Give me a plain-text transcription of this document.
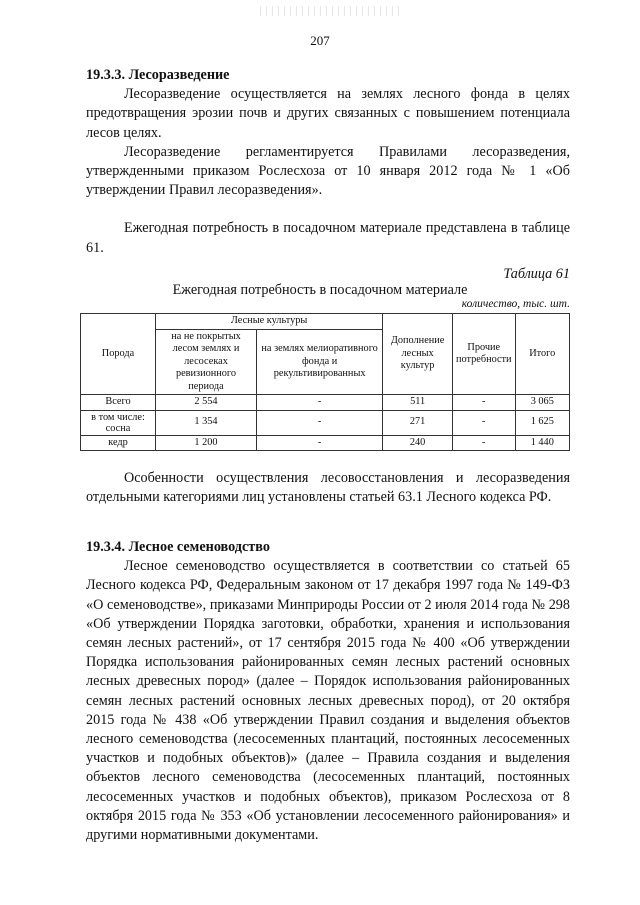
207

19.3.3. Лесоразведение

Лесоразведение осуществляется на землях лесного фонда в целях предотвращения эрозии почв и других связанных с повышением потенциала лесов целях.

Лесоразведение регламентируется Правилами лесоразведения, утвержденными приказом Рослесхоза от 10 января 2012 года № 1 «Об утверждении Правил лесоразведения».

Ежегодная потребность в посадочном материале представлена в таблице 61.

Таблица 61
Ежегодная потребность в посадочном материале
количество, тыс. шт.
Порода	Лесные культуры		Дополнение лесных культур	Прочие потребности	Итого
	на не покрытых лесом землях и лесосеках ревизионного периода	на землях мелиоративного фонда и рекультивированных			
Всего	2 554	-	511	-	3 065
в том числе: сосна	1 354	-	271	-	1 625
кедр	1 200	-	240	-	1 440

Особенности осуществления лесовосстановления и лесоразведения отдельными категориями лиц установлены статьей 63.1 Лесного кодекса РФ.

19.3.4. Лесное семеноводство

Лесное семеноводство осуществляется в соответствии со статьей 65 Лесного кодекса РФ, Федеральным законом от 17 декабря 1997 года № 149-ФЗ «О семеноводстве», приказами Минприроды России от 2 июля 2014 года № 298 «Об утверждении Порядка заготовки, обработки, хранения и использования семян лесных растений», от 17 сентября 2015 года № 400 «Об утверждении Порядка использования районированных семян лесных растений основных лесных древесных пород» (далее – Порядок использования районированных семян лесных растений основных лесных древесных пород), от 20 октября 2015 года № 438 «Об утверждении Правил создания и выделения объектов лесного семеноводства (лесосеменных плантаций, постоянных лесосеменных участков и подобных объектов)» (далее – Правила создания и выделения объектов лесного семеноводства (лесосеменных плантаций, постоянных лесосеменных участков и подобных объектов), приказом Рослесхоза от 8 октября 2015 года № 353 «Об установлении лесосеменного районирования» и другими нормативными документами.
